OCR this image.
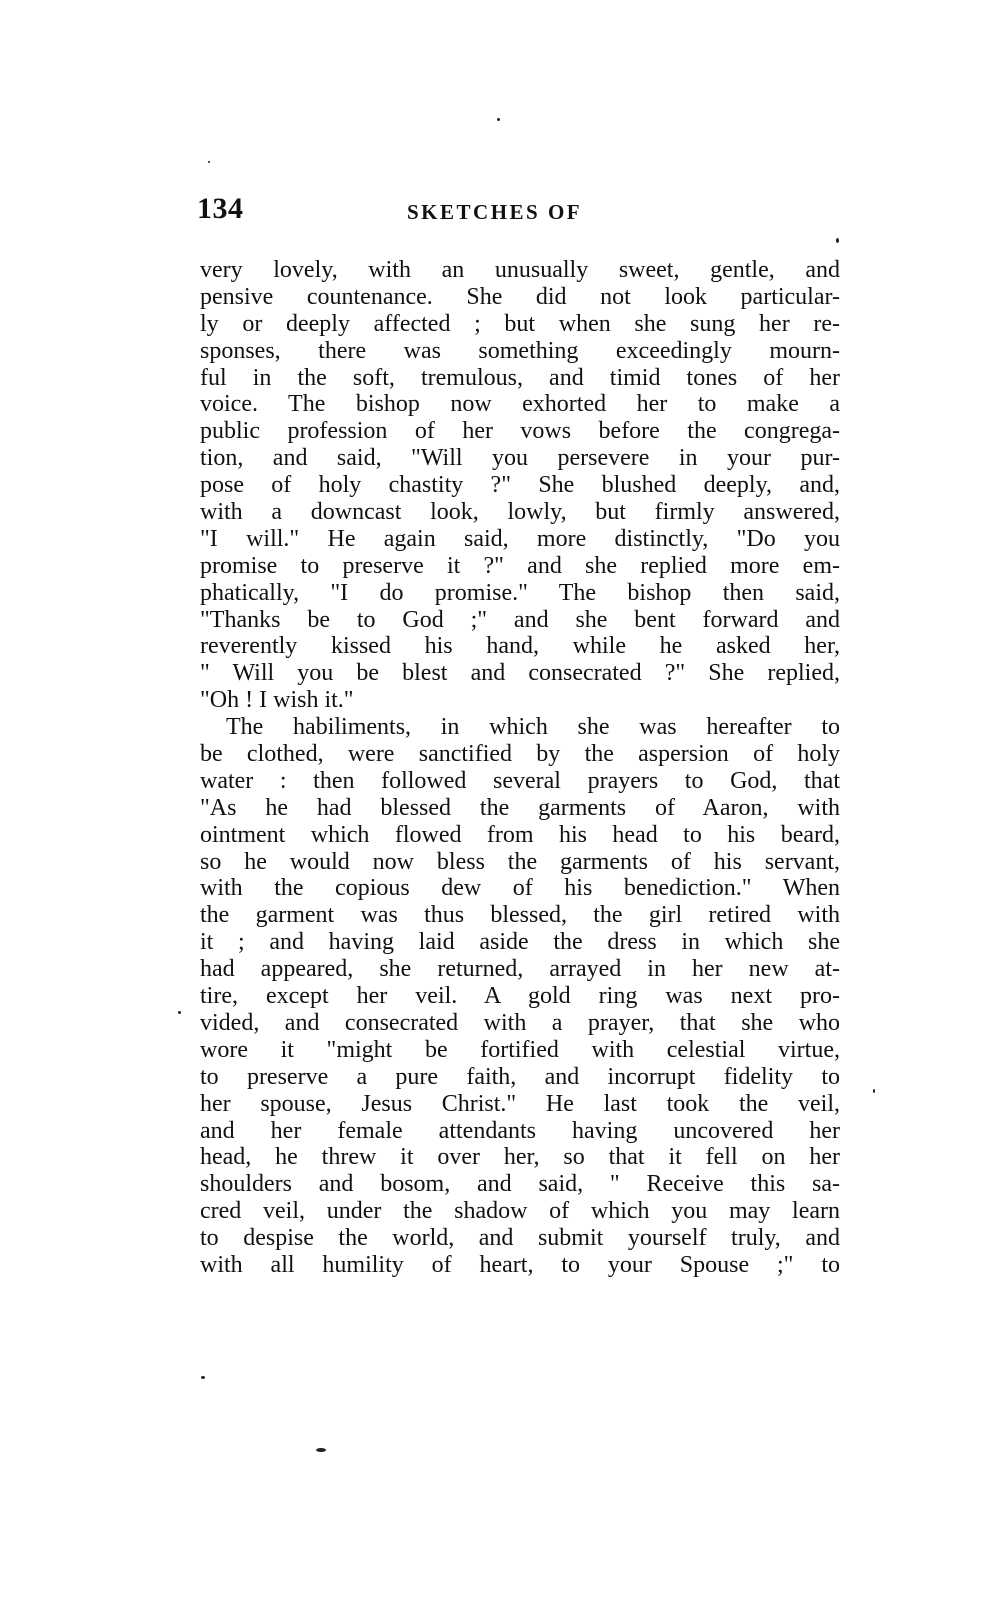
134	SKETCHES OF
very lovely, with an unusually sweet, gentle, and
pensive countenance. She did not look particular-
ly or deeply affected ; but when she sung her re-
sponses, there was something exceedingly mourn-
ful in the soft, tremulous, and timid tones of her
voice. The bishop now exhorted her to make a
public profession of her vows before the congrega-
tion, and said, "Will you persevere in your pur-
pose of holy chastity ?" She blushed deeply, and,
with a downcast look, lowly, but firmly answered,
"I will." He again said, more distinctly, "Do you
promise to preserve it ?" and she replied more em-
phatically, "I do promise." The bishop then said,
"Thanks be to God ;" and she bent forward and
reverently kissed his hand, while he asked her,
" Will you be blest and consecrated ?" She replied,
"Oh ! I wish it."
The habiliments, in which she was hereafter to
be clothed, were sanctified by the aspersion of holy
water : then followed several prayers to God, that
"As he had blessed the garments of Aaron, with
ointment which flowed from his head to his beard,
so he would now bless the garments of his servant,
with the copious dew of his benediction." When
the garment was thus blessed, the girl retired with
it ; and having laid aside the dress in which she
had appeared, she returned, arrayed in her new at-
tire, except her veil. A gold ring was next pro-
vided, and consecrated with a prayer, that she who
wore it "might be fortified with celestial virtue,
to preserve a pure faith, and incorrupt fidelity to
her spouse, Jesus Christ." He last took the veil,
and her female attendants having uncovered her
head, he threw it over her, so that it fell on her
shoulders and bosom, and said, " Receive this sa-
cred veil, under the shadow of which you may learn
to despise the world, and submit yourself truly, and
with all humility of heart, to your Spouse ;" to
